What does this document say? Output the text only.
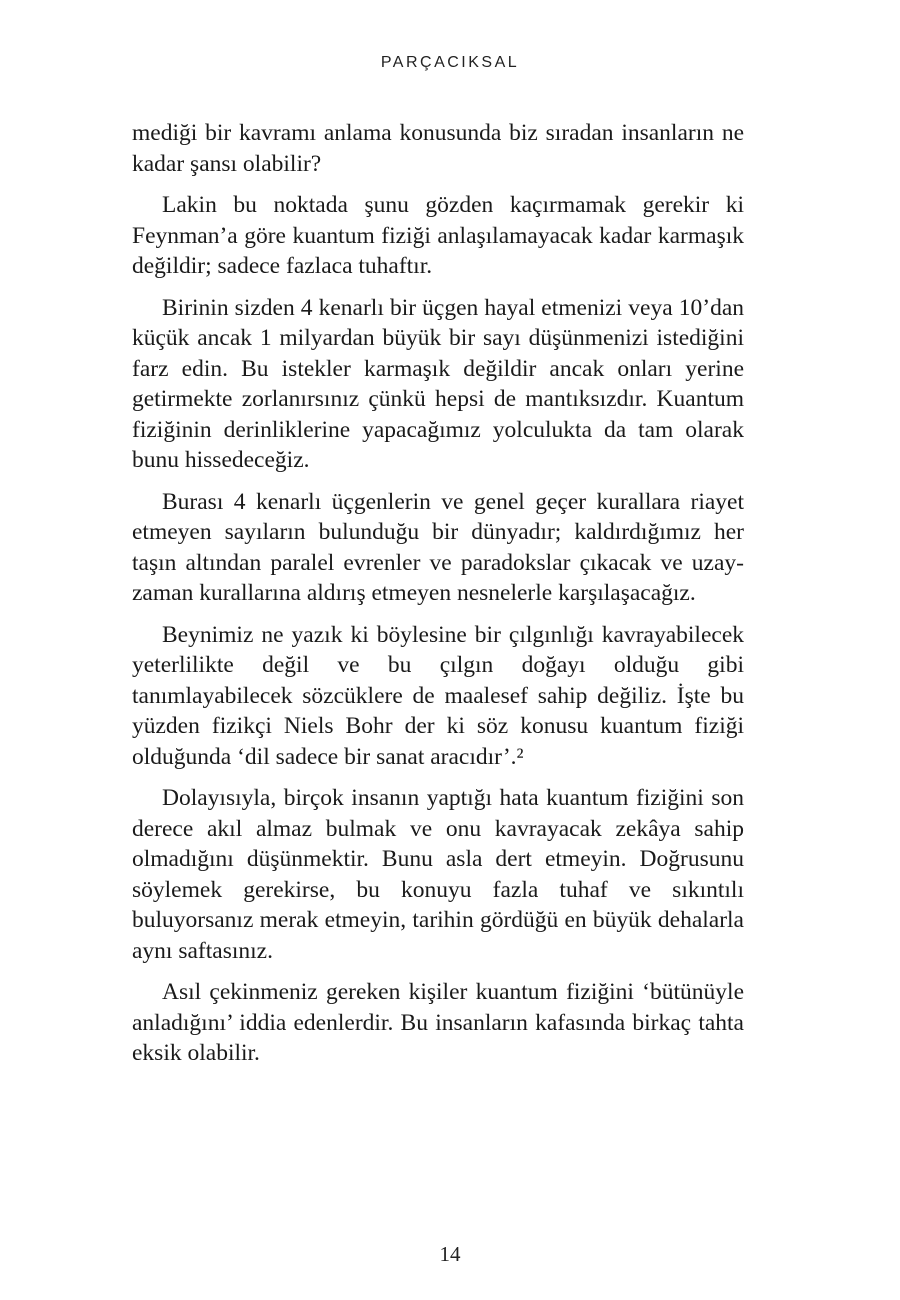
PARÇACIKSAL

mediği bir kavramı anlama konusunda biz sıradan insanların ne kadar şansı olabilir?

Lakin bu noktada şunu gözden kaçırmamak gerekir ki Feynman’a göre kuantum fiziği anlaşılamayacak kadar karmaşık değildir; sadece fazlaca tuhaftır.

Birinin sizden 4 kenarlı bir üçgen hayal etmenizi veya 10’dan küçük ancak 1 milyardan büyük bir sayı düşünmenizi istediğini farz edin. Bu istekler karmaşık değildir ancak onları yerine getirmekte zorlanırsınız çünkü hepsi de mantıksızdır. Kuantum fiziğinin derinliklerine yapacağımız yolculukta da tam olarak bunu hissedeceğiz.

Burası 4 kenarlı üçgenlerin ve genel geçer kurallara riayet etmeyen sayıların bulunduğu bir dünyadır; kaldırdığımız her taşın altından paralel evrenler ve paradokslar çıkacak ve uzay-zaman kurallarına aldırış etmeyen nesnelerle karşılaşacağız.

Beynimiz ne yazık ki böylesine bir çılgınlığı kavrayabilecek yeterlilikte değil ve bu çılgın doğayı olduğu gibi tanımlayabilecek sözcüklere de maalesef sahip değiliz. İşte bu yüzden fizikçi Niels Bohr der ki söz konusu kuantum fiziği olduğunda ‘dil sadece bir sanat aracıdır’.²

Dolayısıyla, birçok insanın yaptığı hata kuantum fiziğini son derece akıl almaz bulmak ve onu kavrayacak zekâya sahip olmadığını düşünmektir. Bunu asla dert etmeyin. Doğrusunu söylemek gerekirse, bu konuyu fazla tuhaf ve sıkıntılı buluyorsanız merak etmeyin, tarihin gördüğü en büyük dehalarla aynı saftasınız.

Asıl çekinmeniz gereken kişiler kuantum fiziğini ‘bütünüyle anladığını’ iddia edenlerdir. Bu insanların kafasında birkaç tahta eksik olabilir.

14
